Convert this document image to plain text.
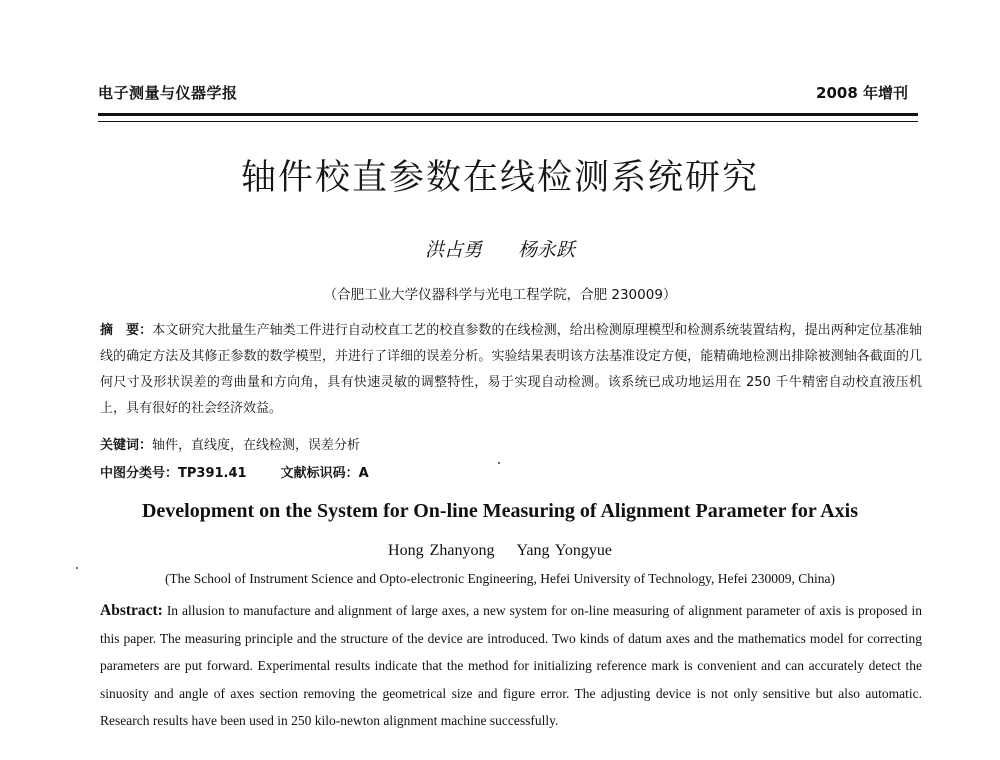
电子测量与仪器学报	2008 年增刊
轴件校直参数在线检测系统研究
洪占勇 杨永跃
（合肥工业大学仪器科学与光电工程学院，合肥 230009）
摘　要：本文研究大批量生产轴类工件进行自动校直工艺的校直参数的在线检测，给出检测原理模型和检测系统装置结构，提出两种定位基准轴线的确定方法及其修正参数的数学模型，并进行了详细的误差分析。实验结果表明该方法基准设定方便，能精确地检测出排除被测轴各截面的几何尺寸及形状误差的弯曲量和方向角，具有快速灵敏的调整特性，易于实现自动检测。该系统已成功地运用在 250 千牛精密自动校直液压机上，具有很好的社会经济效益。
关键词：轴件，直线度，在线检测，误差分析
中图分类号：TP391.41	文献标识码：A
Development on the System for On-line Measuring of Alignment Parameter for Axis
Hong Zhanyong Yang Yongyue
(The School of Instrument Science and Opto-electronic Engineering, Hefei University of Technology, Hefei 230009, China)
Abstract: In allusion to manufacture and alignment of large axes, a new system for on-line measuring of alignment parameter of axis is proposed in this paper. The measuring principle and the structure of the device are introduced. Two kinds of datum axes and the mathematics model for correcting parameters are put forward. Experimental results indicate that the method for initializing reference mark is convenient and can accurately detect the sinuosity and angle of axes section removing the geometrical size and figure error. The adjusting device is not only sensitive but also automatic. Research results have been used in 250 kilo-newton alignment machine successfully.
